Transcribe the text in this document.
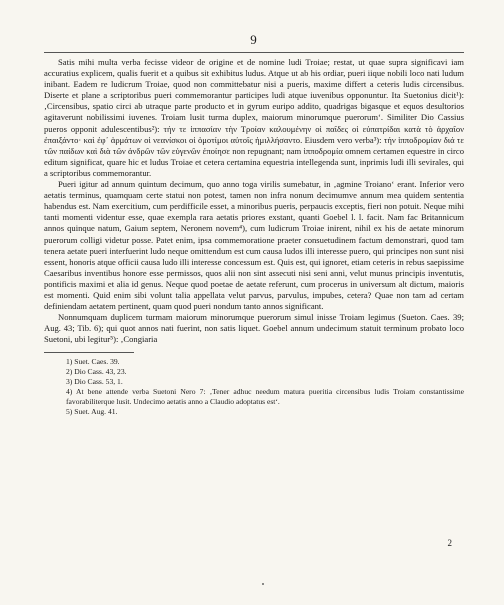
9

Satis mihi multa verba fecisse videor de origine et de nomine ludi Troiae; restat, ut quae supra significavi iam accuratius explicem, qualis fuerit et a quibus sit exhibitus ludus. Atque ut ab his ordiar, pueri iique nobili loco nati ludum inibant. Eadem re ludicrum Troiae, quod non committebatur nisi a pueris, maxime differt a ceteris ludis circensibus. Diserte et plane a scriptoribus pueri commemorantur participes ludi atque iuvenibus opponuntur. Ita Suetonius dicit¹): ‚Circensibus, spatio circi ab utraque parte producto et in gyrum euripo addito, quadrigas bigasque et equos desultorios agitaverunt nobilissimi iuvenes. Troiam lusit turma duplex, maiorum minorumque puerorum‘. Similiter Dio Cassius pueros opponit adulescentibus²): τήν τε ἱππασίαν τὴν Τροίαν καλουμένην οἱ παῖδες οἱ εὐπατρίδαι κατὰ τὸ ἀρχαῖον ἐπαιξάντο· καὶ ἐφ᾽ ἁρμάτων οἱ νεανίσκοι οἱ ὁμοτίμοι αὐτοῖς ἡμιλλήσαντο. Eiusdem vero verba³): τήν ἱπποδρομίαν διά τε τῶν παίδων καὶ διὰ τῶν ἀνδρῶν τῶν εὐγενῶν ἐποίησε non repugnant; nam ἱπποδρομία omnem certamen equestre in circo editum significat, quare hic et ludus Troiae et cetera certamina equestria intellegenda sunt, inprimis ludi illi sevirales, qui a scriptoribus commemorantur.

Pueri igitur ad annum quintum decimum, quo anno toga virilis sumebatur, in ‚agmine Troiano‘ erant. Inferior vero aetatis terminus, quamquam certe statui non potest, tamen non infra nonum decimumve annum mea quidem sententia habendus est. Nam exercitium, cum perdifficile esset, a minoribus pueris, perpaucis exceptis, fieri non potuit. Neque mihi tanti momenti videntur esse, quae exempla rara aetatis priores exstant, quanti Goebel l. l. facit. Nam fac Britannicum annos quinque natum, Gaium septem, Neronem novem⁴), cum ludicrum Troiae inirent, nihil ex his de aetate minorum puerorum colligi videtur posse. Patet enim, ipsa commemoratione praeter consuetudinem factum demonstrari, quod tam tenera aetate pueri interfuerint ludo neque omittendum est cum causa ludos illi interesse puero, qui principes non sunt nisi essent, honoris atque officii causa ludo illi interesse concessum est. Quis est, qui ignoret, etiam ceteris in rebus saepissime Caesaribus inventibus honore esse permissos, quos alii non sint assecuti nisi seni anni, velut munus principis inventutis, pontificis maximi et alia id genus. Neque quod poetae de aetate referunt, cum procerus in universum alt dictum, maioris est momenti. Quid enim sibi volunt talia appellata velut parvus, parvulus, impubes, cetera? Quae non tam ad certam definiendam aetatem pertinent, quam quod pueri nondum tanto annos significant.

Nonnumquam duplicem turmam maiorum minorumque puerorum simul inisse Troiam legimus (Sueton. Caes. 39; Aug. 43; Tib. 6); qui quot annos nati fuerint, non satis liquet. Goebel annum undecimum statuit terminum probato loco Suetoni, ubi legitur⁵): ‚Congiaria

1) Suet. Caes. 39.
2) Dio Cass. 43, 23.
3) Dio Cass. 53, 1.
4) At bene attende verba Suetoni Nero 7: ‚Tener adhuc needum matura pueritia circensibus ludis Troiam constantissime favorabiliterque lusit. Undecimo aetatis anno a Claudio adoptatus est‘.
5) Suet. Aug. 41.
2
